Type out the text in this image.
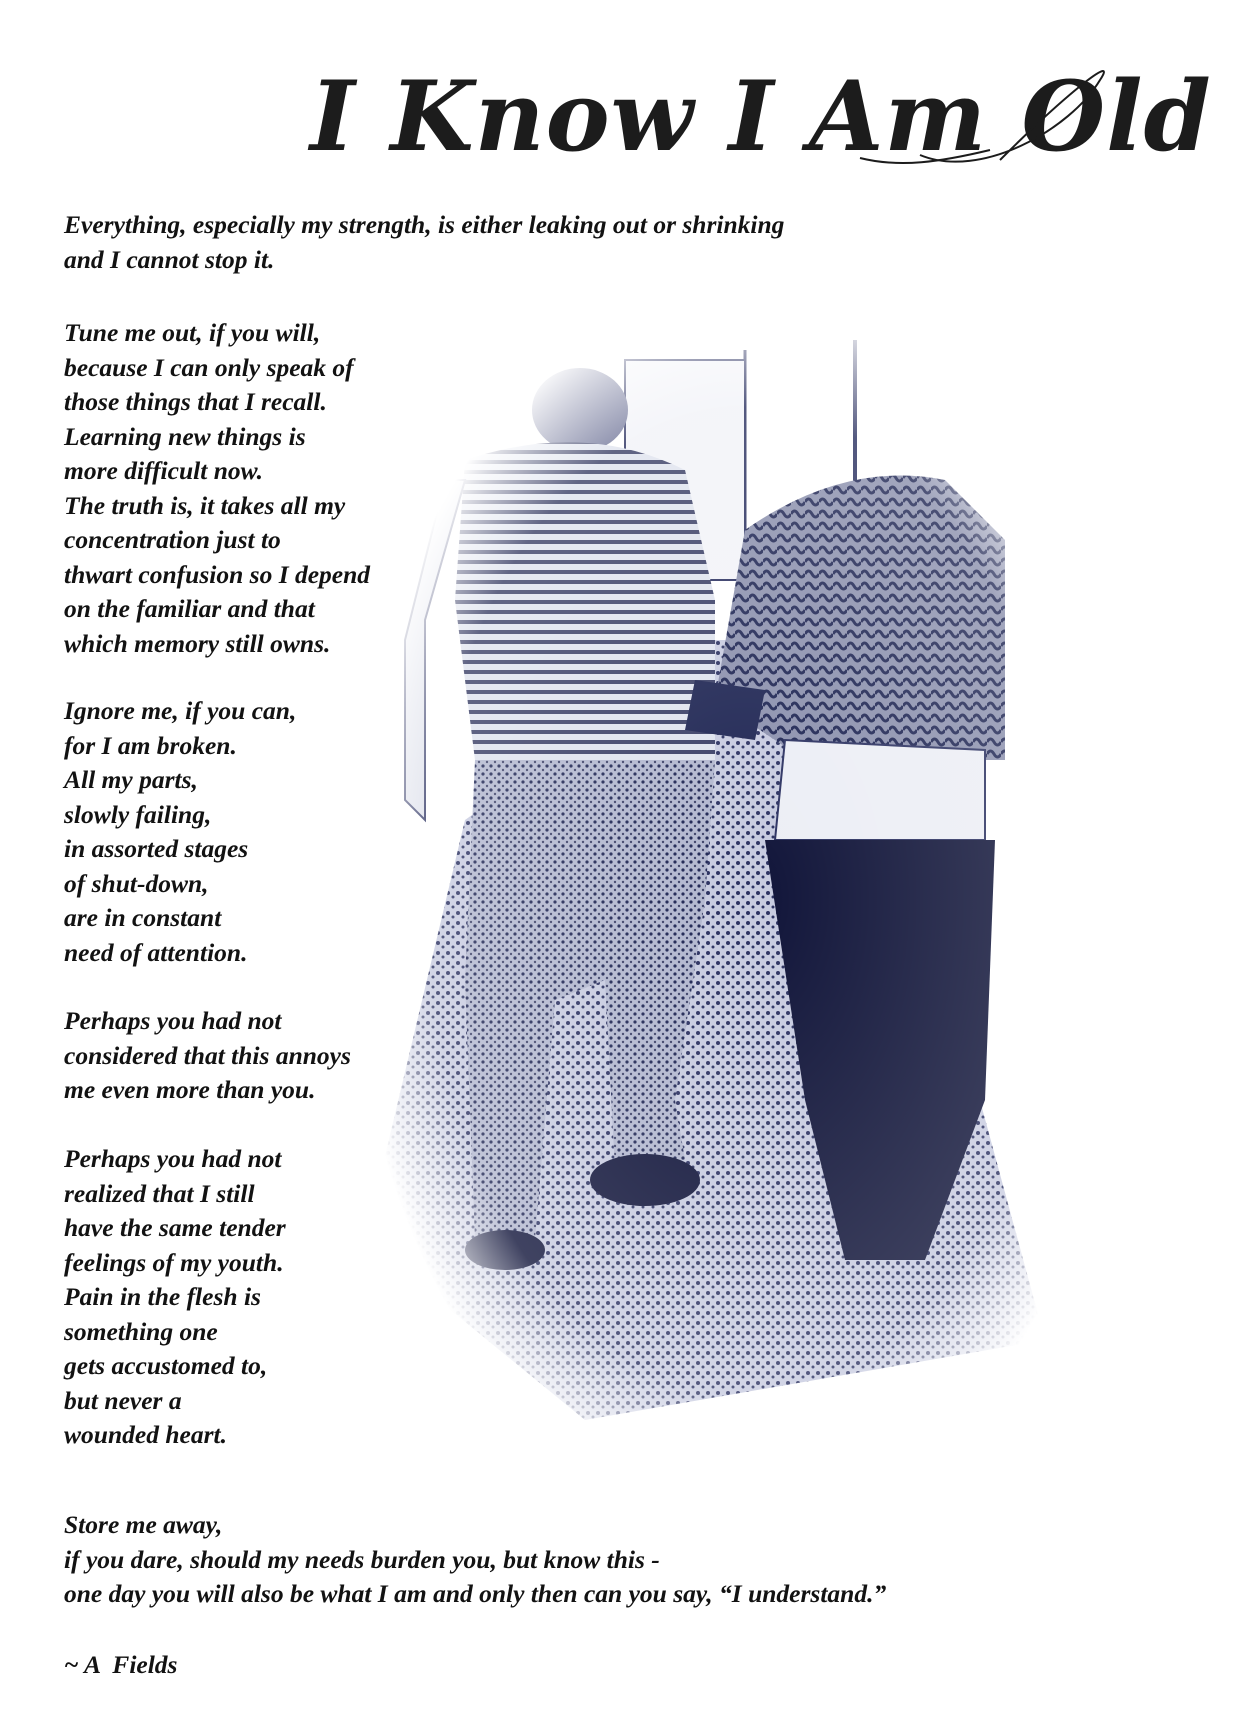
I Know I Am Old
Everything, especially my strength, is either leaking out or shrinking
and I cannot stop it.
Tune me out, if you will,
because I can only speak of
those things that I recall.
Learning new things is
more difficult now.
The truth is, it takes all my
concentration just to
thwart confusion so I depend
on the familiar and that
which memory still owns.
Ignore me, if you can,
for I am broken.
All my parts,
slowly failing,
in assorted stages
of shut-down,
are in constant
need of attention.
Perhaps you had not
considered that this annoys
me even more than you.
Perhaps you had not
realized that I still
have the same tender
feelings of my youth.
Pain in the flesh is
something one
gets accustomed to,
but never a
wounded heart.
Store me away,
if you dare, should my needs burden you, but know this -
one day you will also be what I am and only then can you say, “I understand.”
~ A  Fields
